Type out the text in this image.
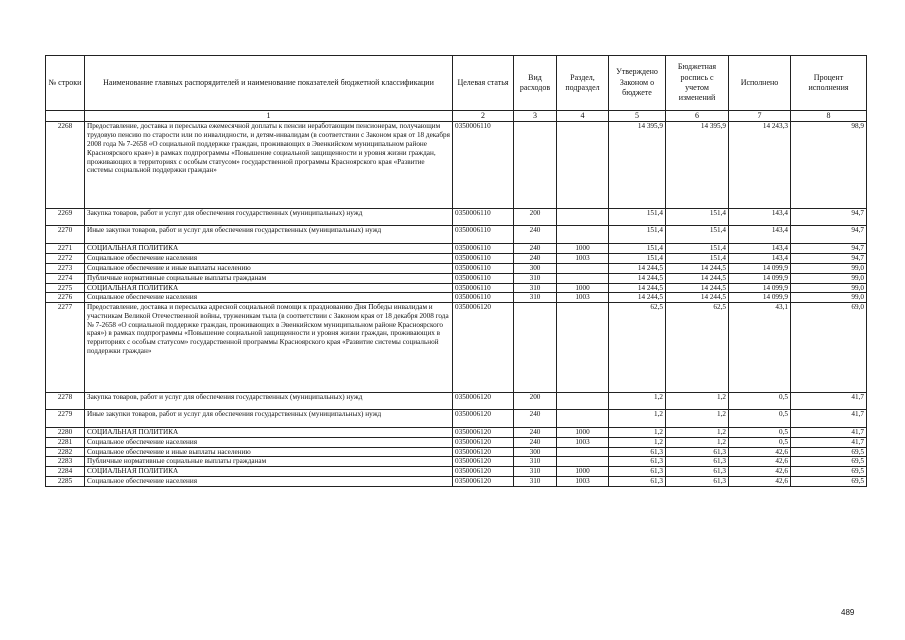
№ строки	Наименование главных распорядителей и наименование показателей бюджетной классификации	Целевая статья	Вид расходов	Раздел, подраздел	Утверждено Законом о бюджете	Бюджетная роспись с учетом изменений	Исполнено	Процент исполнения
	1	2	3	4	5	6	7	8
2268	Предоставление, доставка и пересылка ежемесячной доплаты к пенсии неработающим пенсионерам, получающим трудовую пенсию по старости или по инвалидности, и детям-инвалидам (в соответствии с Законом края от 18 декабря 2008 года № 7-2658 «О социальной поддержке граждан, проживающих в Эвенкийском муниципальном районе Красноярского края») в рамках подпрограммы «Повышение социальной защищенности и уровня жизни граждан, проживающих в территориях с особым статусом» государственной программы Красноярского края «Развитие системы социальной поддержки граждан»	0350006110			14 395,9	14 395,9	14 243,3	98,9
2269	Закупка товаров, работ и услуг для обеспечения государственных (муниципальных) нужд	0350006110	200		151,4	151,4	143,4	94,7
2270	Иные закупки товаров, работ и услуг для обеспечения государственных (муниципальных) нужд	0350006110	240		151,4	151,4	143,4	94,7
2271	СОЦИАЛЬНАЯ ПОЛИТИКА	0350006110	240	1000	151,4	151,4	143,4	94,7
2272	Социальное обеспечение населения	0350006110	240	1003	151,4	151,4	143,4	94,7
2273	Социальное обеспечение и иные выплаты населению	0350006110	300		14 244,5	14 244,5	14 099,9	99,0
2274	Публичные нормативные социальные выплаты гражданам	0350006110	310		14 244,5	14 244,5	14 099,9	99,0
2275	СОЦИАЛЬНАЯ ПОЛИТИКА	0350006110	310	1000	14 244,5	14 244,5	14 099,9	99,0
2276	Социальное обеспечение населения	0350006110	310	1003	14 244,5	14 244,5	14 099,9	99,0
2277	Предоставление, доставка и пересылка адресной социальной помощи к празднованию Дня Победы инвалидам и участникам Великой Отечественной войны, труженикам тыла (в соответствии с Законом края от 18 декабря 2008 года № 7-2658 «О социальной поддержке граждан, проживающих в Эвенкийском муниципальном районе Красноярского края») в рамках подпрограммы «Повышение социальной защищенности и уровня жизни граждан, проживающих в территориях с особым статусом» государственной программы Красноярского края «Развитие системы социальной поддержки граждан»	0350006120			62,5	62,5	43,1	69,0
2278	Закупка товаров, работ и услуг для обеспечения государственных (муниципальных) нужд	0350006120	200		1,2	1,2	0,5	41,7
2279	Иные закупки товаров, работ и услуг для обеспечения государственных (муниципальных) нужд	0350006120	240		1,2	1,2	0,5	41,7
2280	СОЦИАЛЬНАЯ ПОЛИТИКА	0350006120	240	1000	1,2	1,2	0,5	41,7
2281	Социальное обеспечение населения	0350006120	240	1003	1,2	1,2	0,5	41,7
2282	Социальное обеспечение и иные выплаты населению	0350006120	300		61,3	61,3	42,6	69,5
2283	Публичные нормативные социальные выплаты гражданам	0350006120	310		61,3	61,3	42,6	69,5
2284	СОЦИАЛЬНАЯ ПОЛИТИКА	0350006120	310	1000	61,3	61,3	42,6	69,5
2285	Социальное обеспечение населения	0350006120	310	1003	61,3	61,3	42,6	69,5
489
